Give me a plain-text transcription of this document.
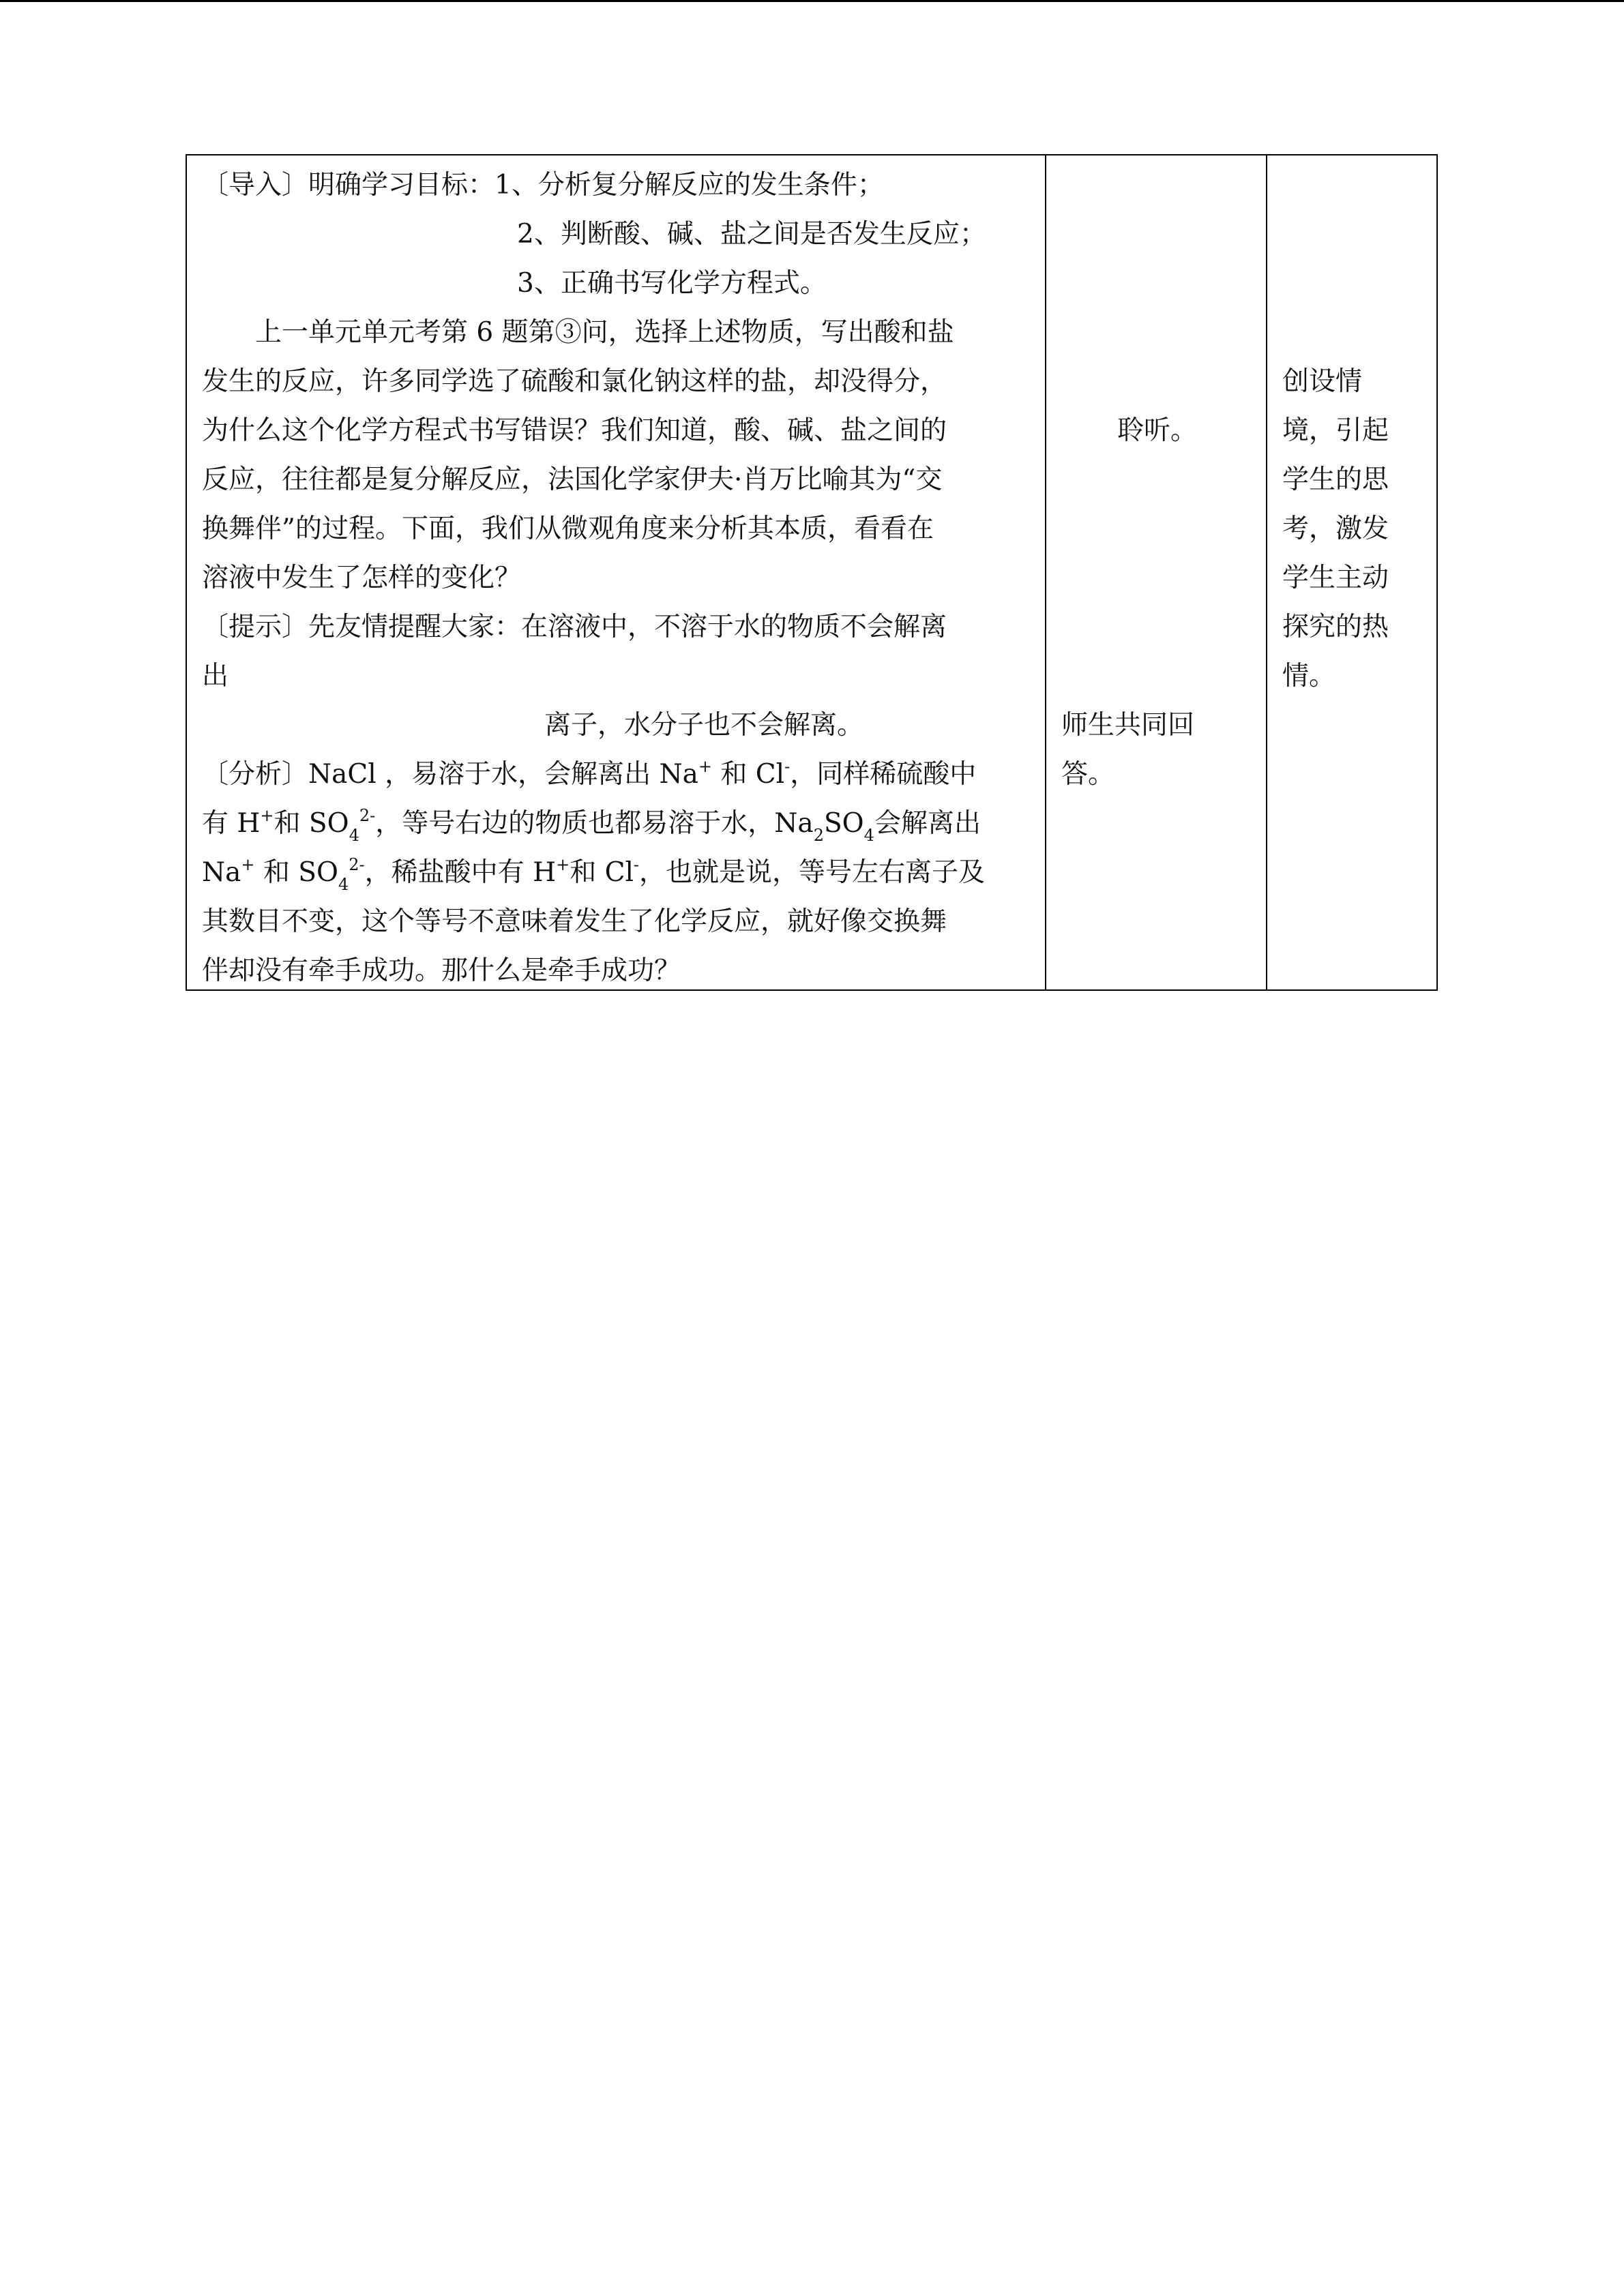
〔导入〕明确学习目标：1、分析复分解反应的发生条件；
2、判断酸、碱、盐之间是否发生反应；
3、正确书写化学方程式。
上一单元单元考第 6 题第③问，选择上述物质，写出酸和盐
发生的反应，许多同学选了硫酸和氯化钠这样的盐，却没得分，
为什么这个化学方程式书写错误？我们知道，酸、碱、盐之间的
反应，往往都是复分解反应，法国化学家伊夫·肖万比喻其为“交
换舞伴”的过程。下面，我们从微观角度来分析其本质，看看在
溶液中发生了怎样的变化？
〔提示〕先友情提醒大家：在溶液中，不溶于水的物质不会解离
出
离子，水分子也不会解离。
〔分析〕NaCl ，易溶于水，会解离出 Na+ 和 Cl-，同样稀硫酸中
有 H+和 $SO_4^{2-}$，等号右边的物质也都易溶于水，$Na_2SO_4$会解离出
Na+ 和 $SO_4^{2-}$，稀盐酸中有 H+和 Cl-，也就是说，等号左右离子及
其数目不变，这个等号不意味着发生了化学反应，就好像交换舞
伴却没有牵手成功。那什么是牵手成功？
聆听。
师生共同回
答。
创设情
境，引起
学生的思
考，激发
学生主动
探究的热
情。
